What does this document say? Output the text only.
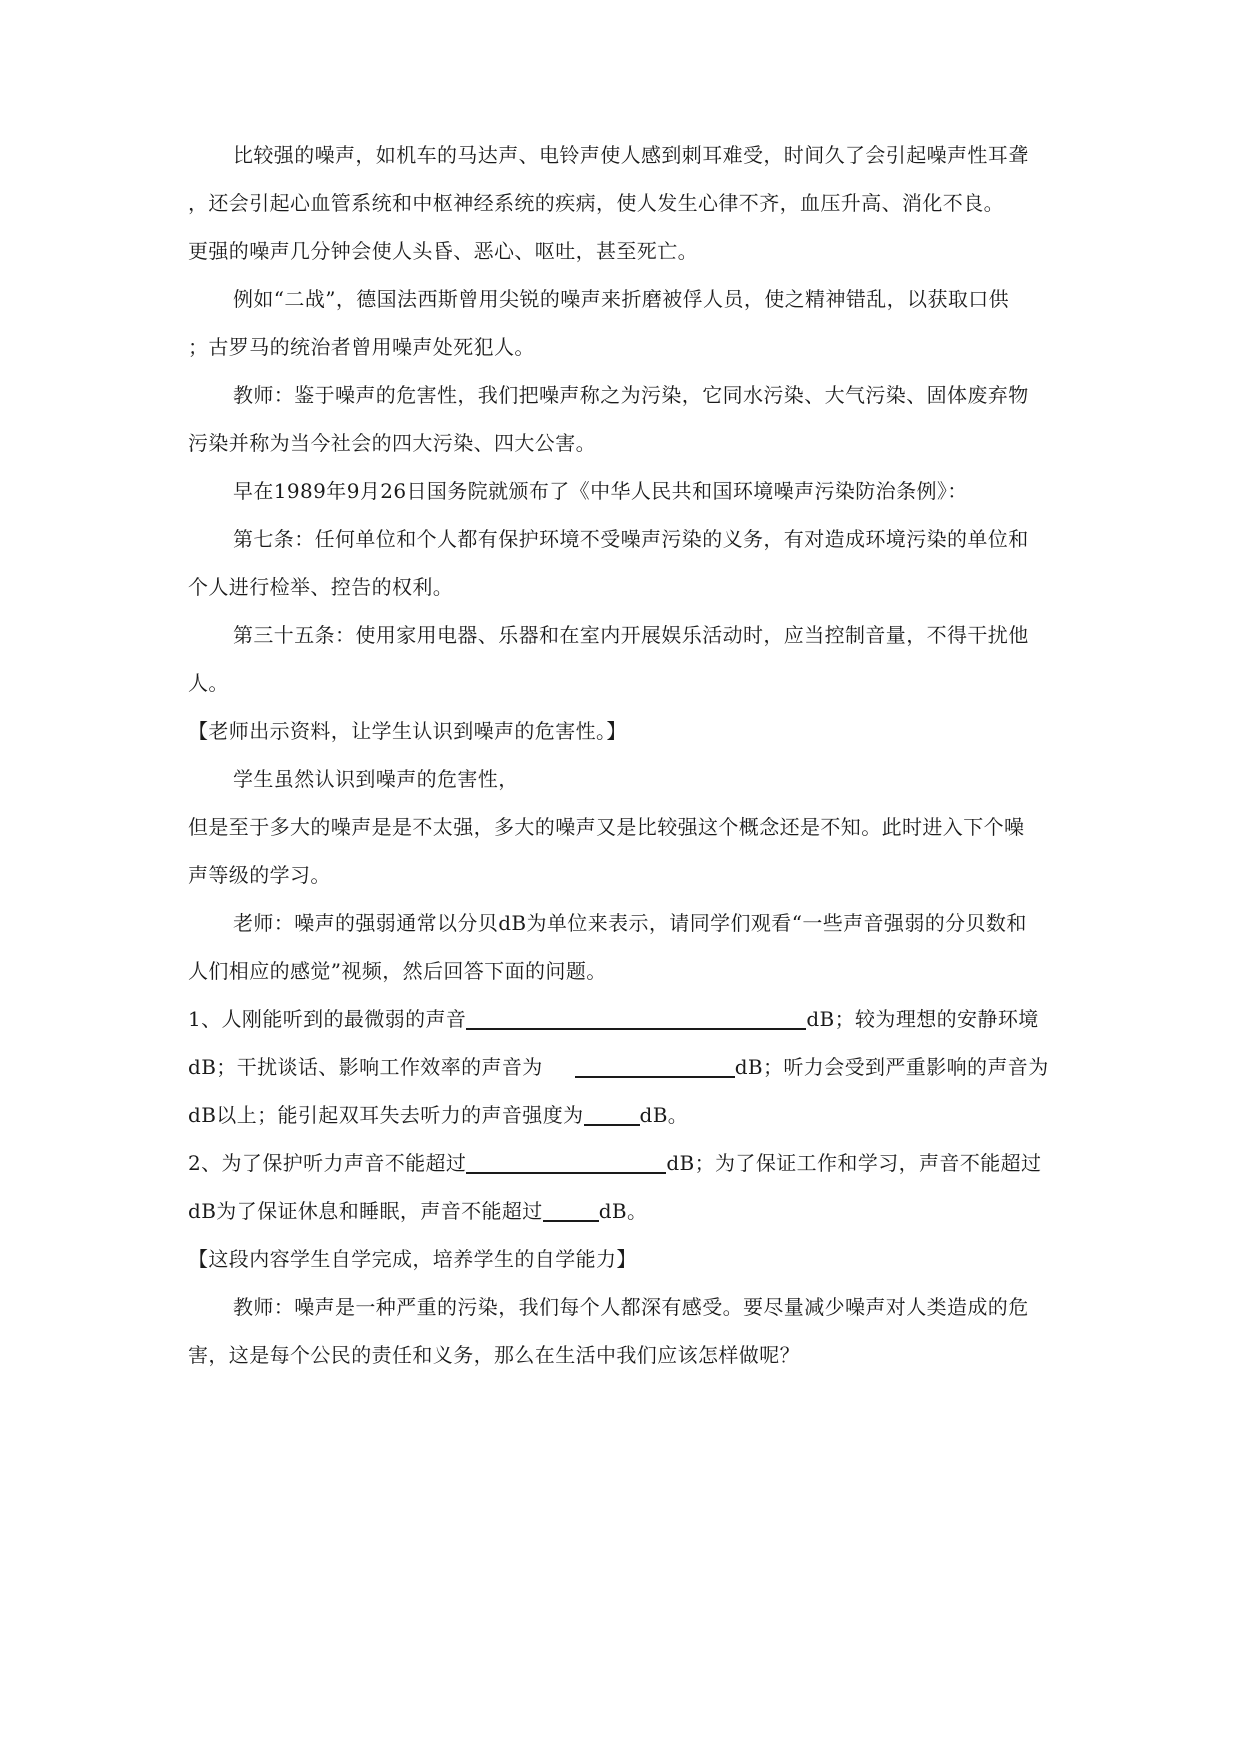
比较强的噪声，如机车的马达声、电铃声使人感到刺耳难受，时间久了会引起噪声性耳聋
，还会引起心血管系统和中枢神经系统的疾病，使人发生心律不齐，血压升高、消化不良。
更强的噪声几分钟会使人头昏、恶心、呕吐，甚至死亡。
例如“二战”，德国法西斯曾用尖锐的噪声来折磨被俘人员，使之精神错乱，以获取口供
；古罗马的统治者曾用噪声处死犯人。
教师：鉴于噪声的危害性，我们把噪声称之为污染，它同水污染、大气污染、固体废弃物
污染并称为当今社会的四大污染、四大公害。
早在1989年9月26日国务院就颁布了《中华人民共和国环境噪声污染防治条例》：
第七条：任何单位和个人都有保护环境不受噪声污染的义务，有对造成环境污染的单位和
个人进行检举、控告的权利。
第三十五条：使用家用电器、乐器和在室内开展娱乐活动时，应当控制音量，不得干扰他
人。
【老师出示资料，让学生认识到噪声的危害性。】
学生虽然认识到噪声的危害性，
但是至于多大的噪声是是不太强，多大的噪声又是比较强这个概念还是不知。此时进入下个噪
声等级的学习。
老师：噪声的强弱通常以分贝dB为单位来表示，请同学们观看“一些声音强弱的分贝数和
人们相应的感觉”视频，然后回答下面的问题。
1、人刚能听到的最微弱的声音	dB；较为理想的安静环境
dB；干扰谈话、影响工作效率的声音为	dB；听力会受到严重影响的声音为
dB以上；能引起双耳失去听力的声音强度为	dB。
2、为了保护听力声音不能超过	dB；为了保证工作和学习，声音不能超过
dB为了保证休息和睡眠，声音不能超过	dB。
【这段内容学生自学完成，培养学生的自学能力】
教师：噪声是一种严重的污染，我们每个人都深有感受。要尽量减少噪声对人类造成的危
害，这是每个公民的责任和义务，那么在生活中我们应该怎样做呢？
